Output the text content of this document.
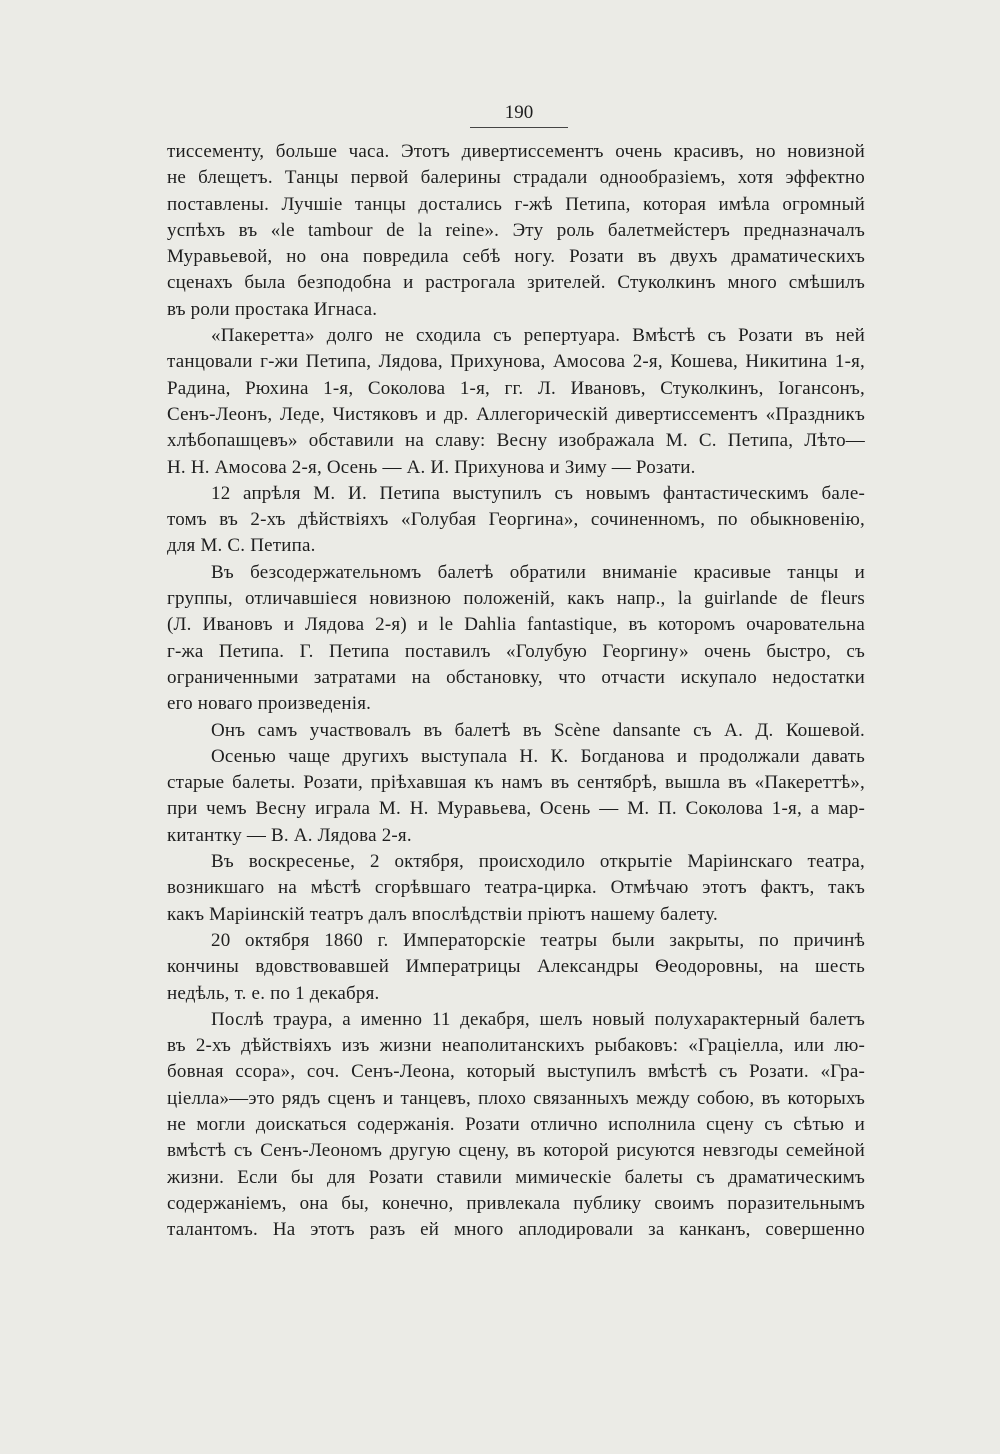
190
тиссементу, больше часа. Этотъ дивертиссементъ очень красивъ, но новизной
не блещетъ. Танцы первой балерины страдали однообразіемъ, хотя эффектно
поставлены. Лучшіе танцы достались г-жѣ Петипа, которая имѣла огромный
успѣхъ въ «le tambour de la reine». Эту роль балетмейстеръ предназначалъ
Муравьевой, но она повредила себѣ ногу. Розати въ двухъ драматическихъ
сценахъ была безподобна и растрогала зрителей. Стуколкинъ много смѣшилъ
въ роли простака Игнаса.
«Пакеретта» долго не сходила съ репертуара. Вмѣстѣ съ Розати въ ней
танцовали г-жи Петипа, Лядова, Прихунова, Амосова 2-я, Кошева, Никитина 1-я,
Радина, Рюхина 1-я, Соколова 1-я, гг. Л. Ивановъ, Стуколкинъ, Іогансонъ,
Сенъ-Леонъ, Леде, Чистяковъ и др. Аллегорическій дивертиссементъ «Праздникъ
хлѣбопашцевъ» обставили на славу: Весну изображала М. С. Петипа, Лѣто—
Н. Н. Амосова 2-я, Осень — А. И. Прихунова и Зиму — Розати.
12 апрѣля М. И. Петипа выступилъ съ новымъ фантастическимъ бале-
томъ въ 2-хъ дѣйствіяхъ «Голубая Георгина», сочиненномъ, по обыкновенію,
для М. С. Петипа.
Въ безсодержательномъ балетѣ обратили вниманіе красивые танцы и
группы, отличавшіеся новизною положеній, какъ напр., la guirlande de fleurs
(Л. Ивановъ и Лядова 2-я) и le Dahlia fantastique, въ которомъ очаровательна
г-жа Петипа. Г. Петипа поставилъ «Голубую Георгину» очень быстро, съ
ограниченными затратами на обстановку, что отчасти искупало недостатки
его новаго произведенія.
Онъ самъ участвовалъ въ балетѣ въ Scène dansante съ А. Д. Кошевой.
Осенью чаще другихъ выступала Н. К. Богданова и продолжали давать
старые балеты. Розати, пріѣхавшая къ намъ въ сентябрѣ, вышла въ «Пакереттѣ»,
при чемъ Весну играла М. Н. Муравьева, Осень — М. П. Соколова 1-я, а мар-
китантку — В. А. Лядова 2-я.
Въ воскресенье, 2 октября, происходило открытіе Маріинскаго театра,
возникшаго на мѣстѣ сгорѣвшаго театра-цирка. Отмѣчаю этотъ фактъ, такъ
какъ Маріинскій театръ далъ впослѣдствіи пріютъ нашему балету.
20 октября 1860 г. Императорскіе театры были закрыты, по причинѣ
кончины вдовствовавшей Императрицы Александры Ѳеодоровны, на шесть
недѣль, т. е. по 1 декабря.
Послѣ траура, а именно 11 декабря, шелъ новый полухарактерный балетъ
въ 2-хъ дѣйствіяхъ изъ жизни неаполитанскихъ рыбаковъ: «Граціелла, или лю-
бовная ссора», соч. Сенъ-Леона, который выступилъ вмѣстѣ съ Розати. «Гра-
ціелла»—это рядъ сценъ и танцевъ, плохо связанныхъ между собою, въ которыхъ
не могли доискаться содержанія. Розати отлично исполнила сцену съ сѣтью и
вмѣстѣ съ Сенъ-Леономъ другую сцену, въ которой рисуются невзгоды семейной
жизни. Если бы для Розати ставили мимическіе балеты съ драматическимъ
содержаніемъ, она бы, конечно, привлекала публику своимъ поразительнымъ
талантомъ. На этотъ разъ ей много аплодировали за канканъ, совершенно
